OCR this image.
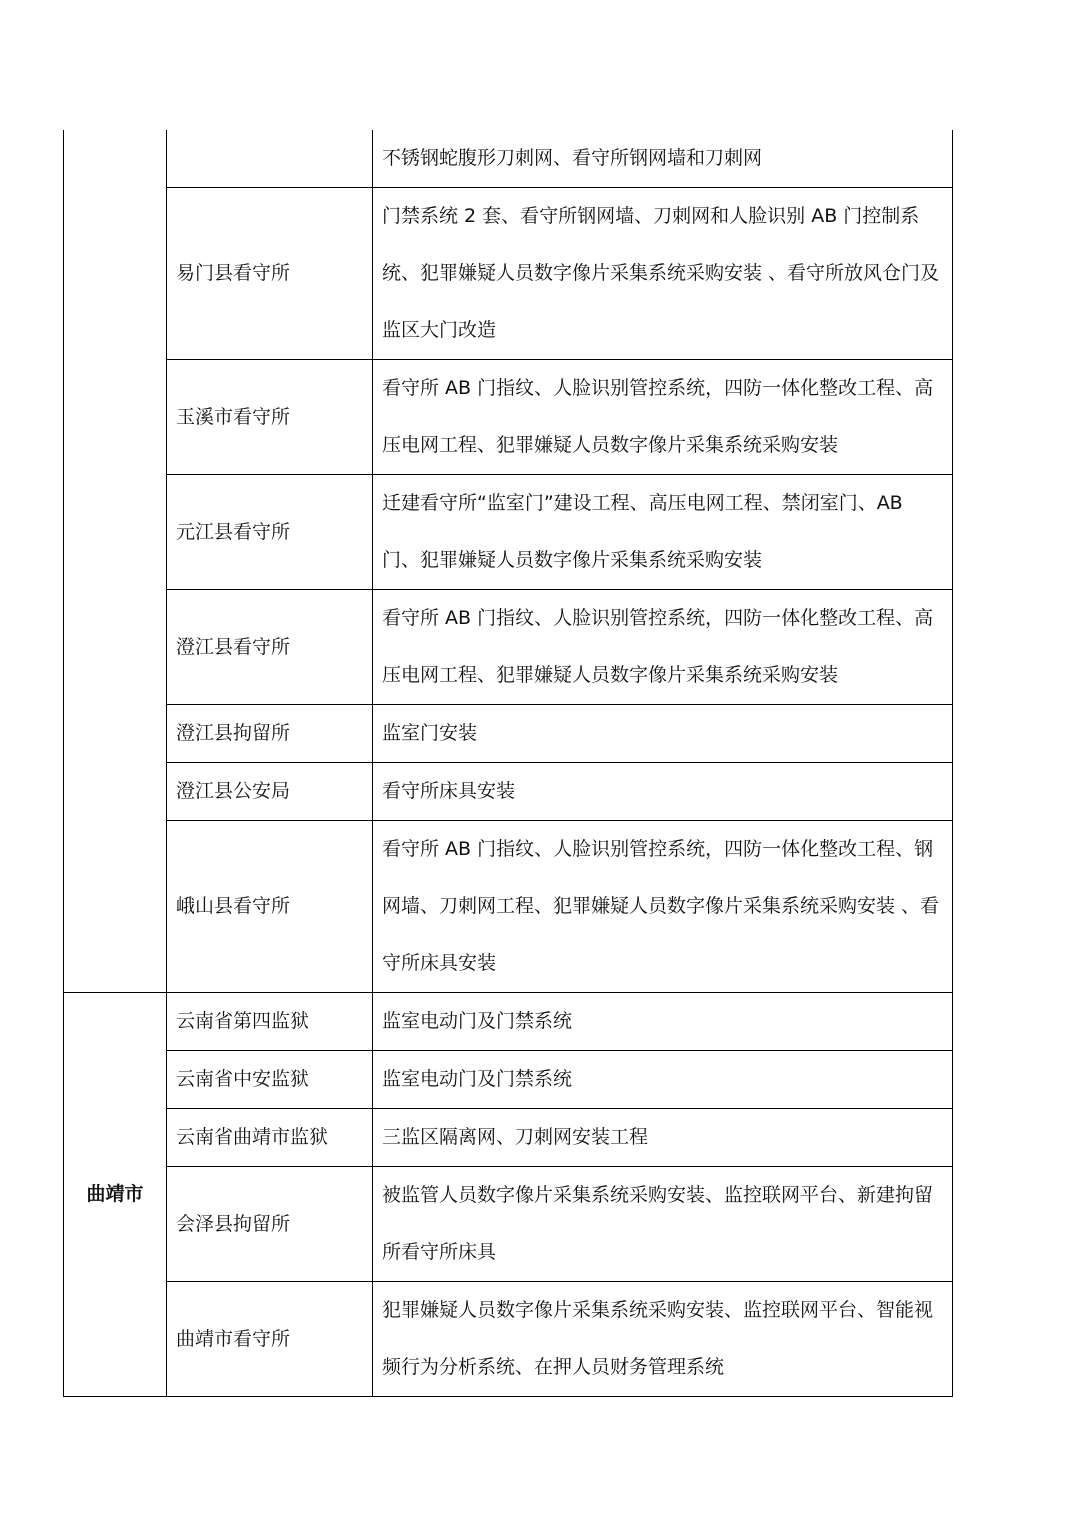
		不锈钢蛇腹形刀刺网、看守所钢网墙和刀刺网
	易门县看守所	门禁系统 2 套、看守所钢网墙、刀刺网和人脸识别 AB 门控制系统、犯罪嫌疑人员数字像片采集系统采购安装 、看守所放风仓门及监区大门改造
	玉溪市看守所	看守所 AB 门指纹、人脸识别管控系统，四防一体化整改工程、高压电网工程、犯罪嫌疑人员数字像片采集系统采购安装
	元江县看守所	迁建看守所“监室门”建设工程、高压电网工程、禁闭室门、AB 门、犯罪嫌疑人员数字像片采集系统采购安装
	澄江县看守所	看守所 AB 门指纹、人脸识别管控系统，四防一体化整改工程、高压电网工程、犯罪嫌疑人员数字像片采集系统采购安装
	澄江县拘留所	监室门安装
	澄江县公安局	看守所床具安装
	峨山县看守所	看守所 AB 门指纹、人脸识别管控系统，四防一体化整改工程、钢网墙、刀刺网工程、犯罪嫌疑人员数字像片采集系统采购安装 、看守所床具安装
曲靖市	云南省第四监狱	监室电动门及门禁系统
	云南省中安监狱	监室电动门及门禁系统
	云南省曲靖市监狱	三监区隔离网、刀刺网安装工程
	会泽县拘留所	被监管人员数字像片采集系统采购安装、监控联网平台、新建拘留所看守所床具
	曲靖市看守所	犯罪嫌疑人员数字像片采集系统采购安装、监控联网平台、智能视频行为分析系统、在押人员财务管理系统
